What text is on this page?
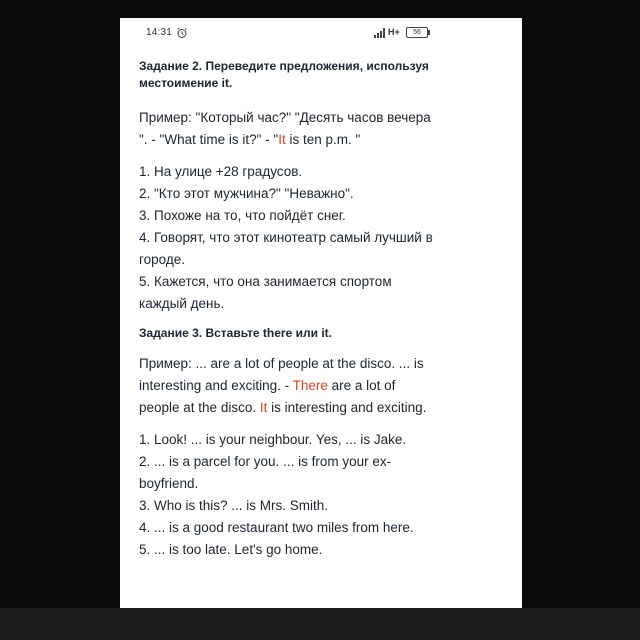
14:31	H+	56
Задание 2. Переведите предложения, используя местоимение it.

Пример: "Который час?" "Десять часов вечера ". - "What time is it?" - "It is ten p.m. "

1. На улице +28 градусов.
2. "Кто этот мужчина?" "Неважно".
3. Похоже на то, что пойдёт снег.
4. Говорят, что этот кинотеатр самый лучший в городе.
5. Кажется, что она занимается спортом каждый день.
Задание 3. Вставьте there или it.

Пример: ... are a lot of people at the disco. ... is interesting and exciting. - There are a lot of people at the disco. It is interesting and exciting.

1. Look! ... is your neighbour. Yes, ... is Jake.
2. ... is a parcel for you. ... is from your ex-boyfriend.
3. Who is this? ... is Mrs. Smith.
4. ... is a good restaurant two miles from here.
5. ... is too late. Let's go home.
